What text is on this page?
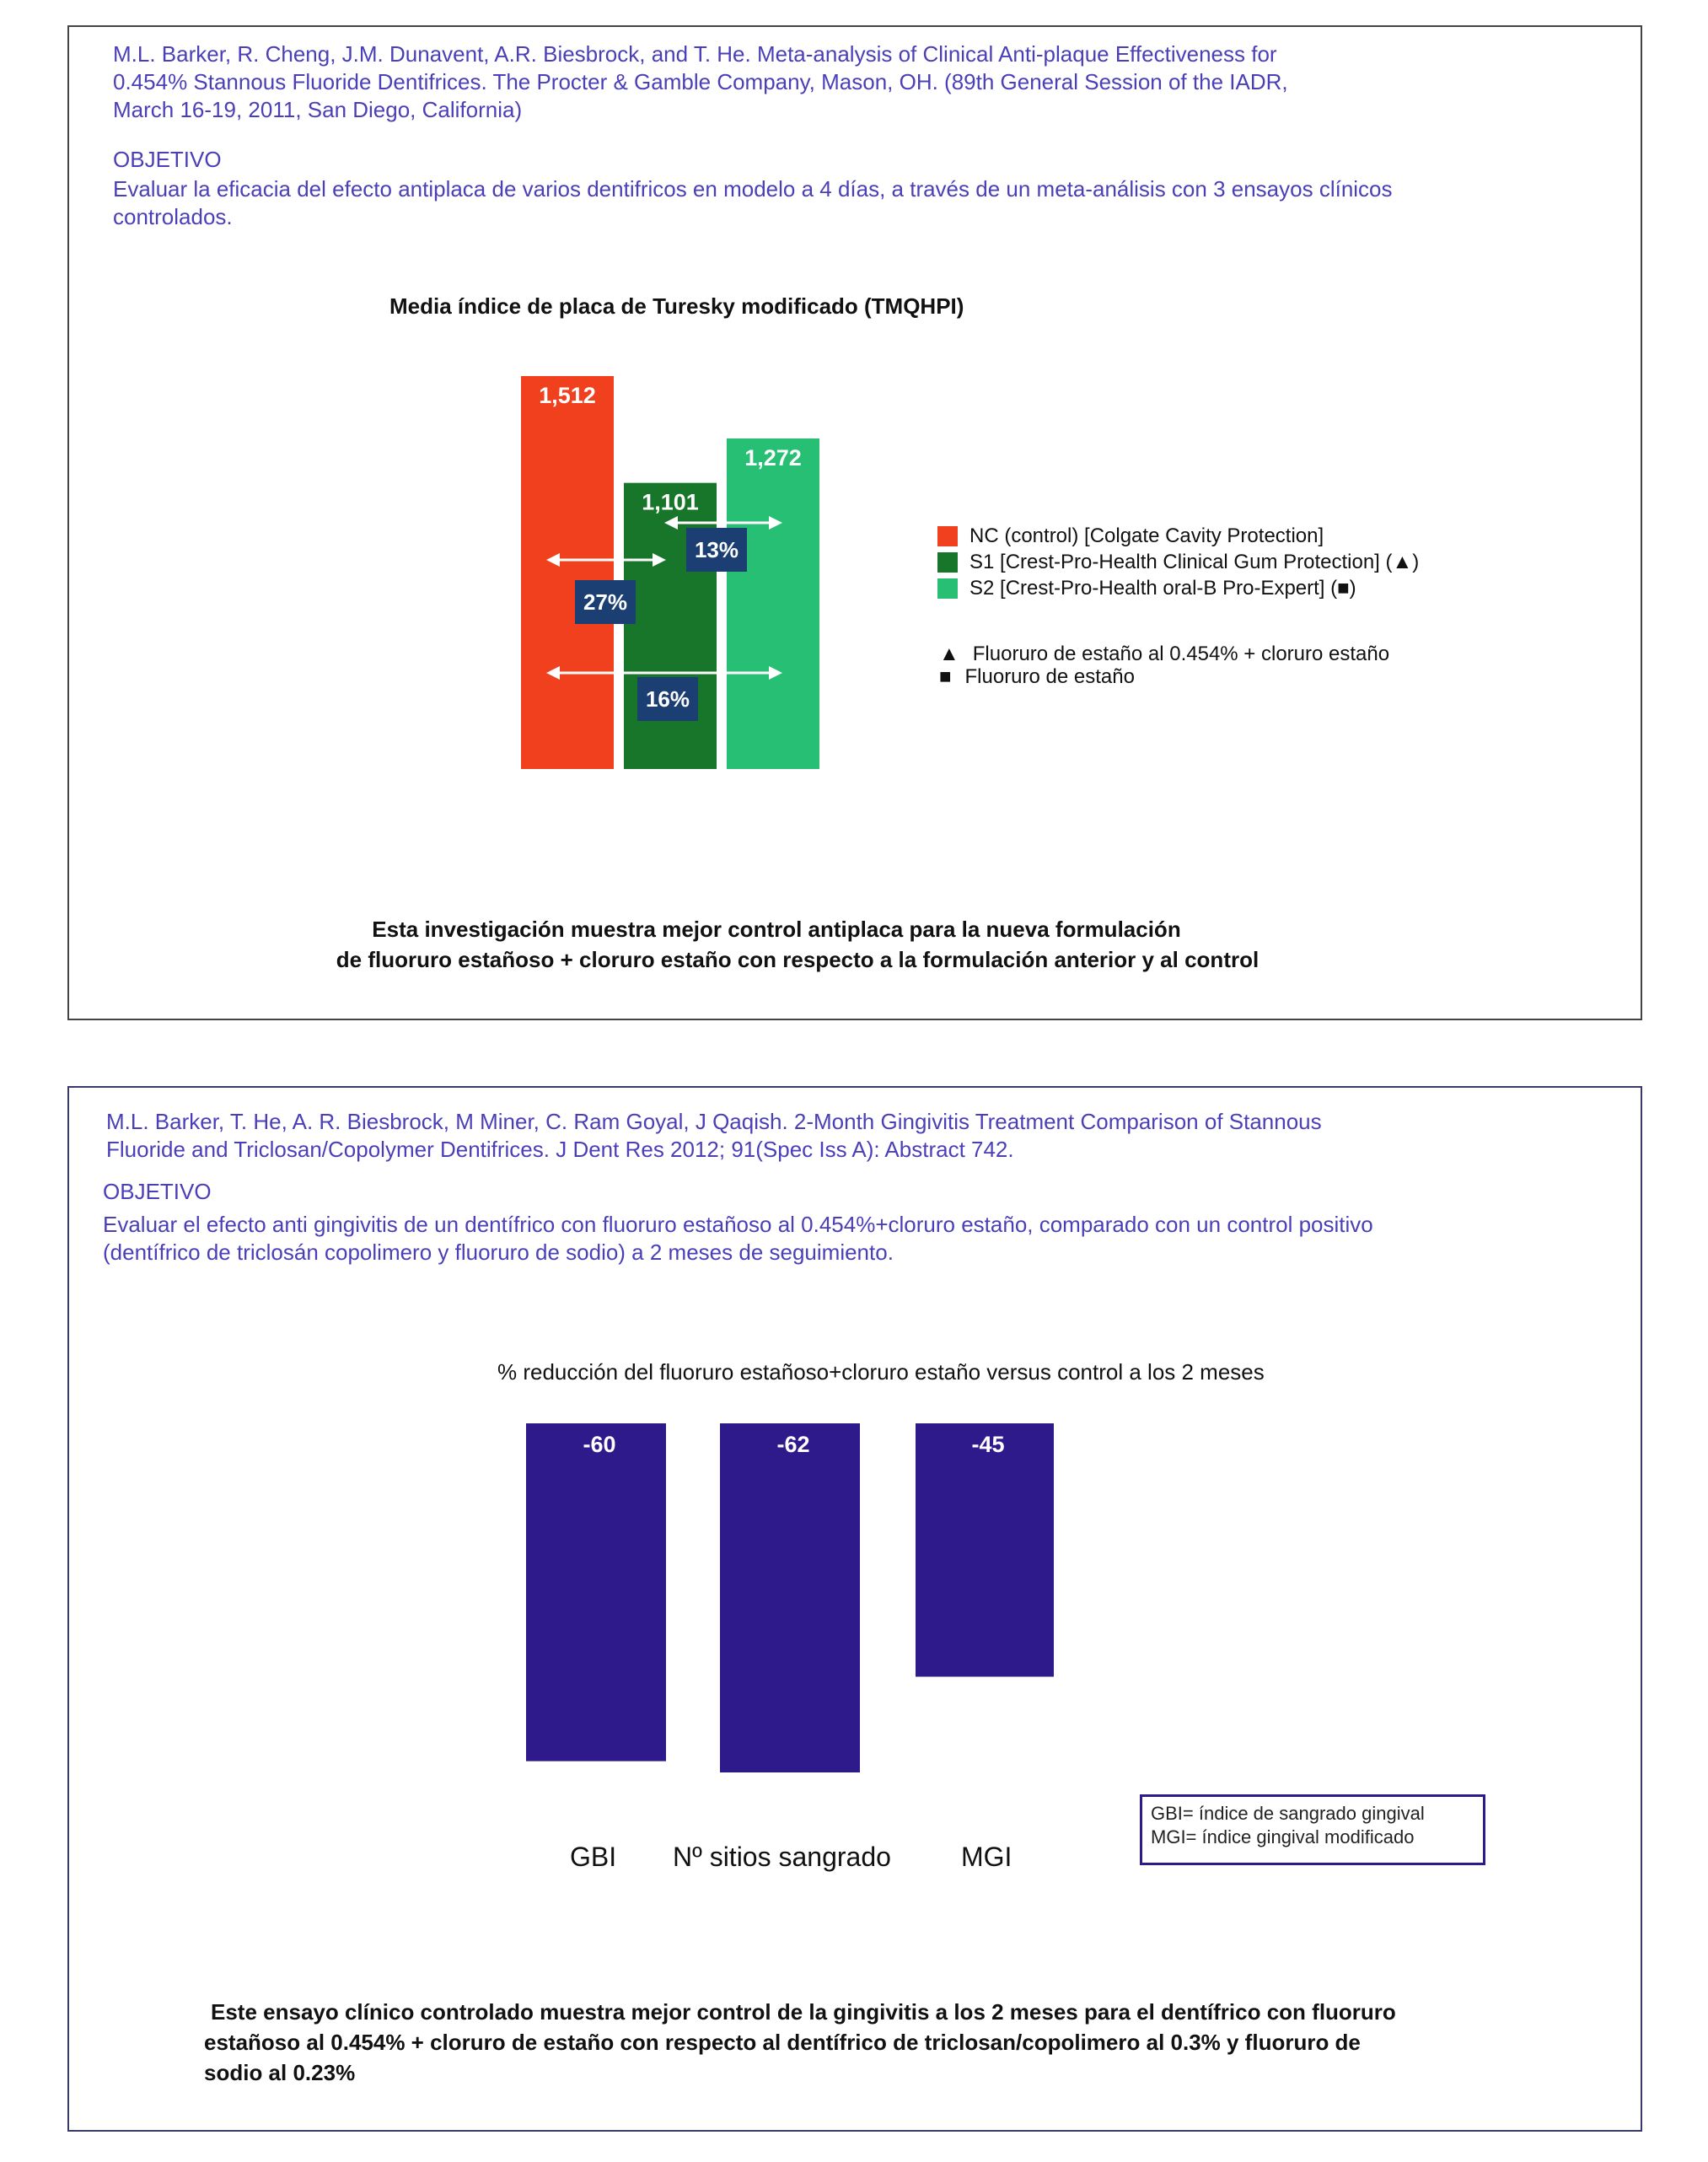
M.L. Barker, R. Cheng, J.M. Dunavent, A.R. Biesbrock, and T. He. Meta-analysis of Clinical Anti-plaque Effectiveness for
0.454% Stannous Fluoride Dentifrices. The Procter & Gamble Company, Mason, OH. (89th General Session of the IADR,
March 16-19, 2011, San Diego, California)
OBJETIVO
Evaluar la eficacia del efecto antiplaca de varios dentifricos en modelo a 4 días, a través de un meta-análisis con 3 ensayos clínicos
controlados.
Media índice de placa de Turesky modificado (TMQHPI)
1,512
1,101
1,272
27%
13%
16%
NC (control) [Colgate Cavity Protection]
S1 [Crest-Pro-Health Clinical Gum Protection] (▲)
S2 [Crest-Pro-Health oral-B Pro-Expert] (■)
▲ Fluoruro de estaño al 0.454% + cloruro estaño
■ Fluoruro de estaño
Esta investigación muestra mejor control antiplaca para la nueva formulación
de fluoruro estañoso + cloruro estaño con respecto a la formulación anterior y al control
M.L. Barker, T. He, A. R. Biesbrock, M Miner, C. Ram Goyal, J Qaqish. 2-Month Gingivitis Treatment Comparison of Stannous
Fluoride and Triclosan/Copolymer Dentifrices. J Dent Res 2012; 91(Spec Iss A): Abstract 742.
OBJETIVO
Evaluar el efecto anti gingivitis de un dentífrico con fluoruro estañoso al 0.454%+cloruro estaño, comparado con un control positivo
(dentífrico de triclosán copolimero y fluoruro de sodio) a 2 meses de seguimiento.
% reducción del fluoruro estañoso+cloruro estaño versus control a los 2 meses
-60	-62	-45
GBI Nº sitios sangrado	MGI
GBI= índice de sangrado gingival
MGI= índice gingival modificado
Este ensayo clínico controlado muestra mejor control de la gingivitis a los 2 meses para el dentífrico con fluoruro
estañoso al 0.454% + cloruro de estaño con respecto al dentífrico de triclosan/copolimero al 0.3% y fluoruro de
sodio al 0.23%
